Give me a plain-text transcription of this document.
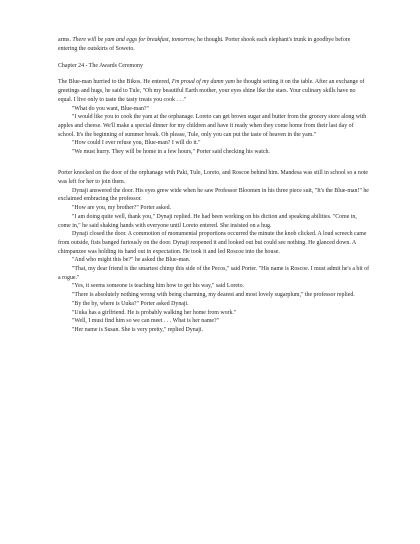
arms. There will be yam and eggs for breakfast, tomorrow, he thought. Porter shook each elephant's trunk in goodbye before entering the outskirts of Soweto.

Chapter 24 - The Awards Ceremony

The Blue-man hurried to the Bikos. He entered, I'm proud of my damn yam he thought setting it on the table. After an exchange of greetings and hugs, he said to Tule, "Oh my beautiful Earth mother, your eyes shine like the stars. Your culinary skills have no equal. I live only to taste the tasty treats you cook . . ."

"What do you want, Blue-man?"

"I would like you to cook the yam at the orphanage. Loreto can get brown sugar and butter from the grocery store along with apples and cheese. We'll make a special dinner for my children and have it ready when they come home from their last day of school. It's the beginning of summer break. Oh please, Tule, only you can put the taste of heaven in the yam."

"How could I ever refuse you, Blue-man? I will do it."

"We must hurry. They will be home in a few hours," Porter said checking his watch.

Porter knocked on the door of the orphanage with Paki, Tule, Loreto, and Roscoe behind him. Mandesa was still in school so a note was left for her to join them.

Dynaji answered the door. His eyes grew wide when he saw Professor Bloomen in his three piece suit, "It's the Blue-man!" he exclaimed embracing the professor.

"How are you, my brother?" Porter asked.

"I am doing quite well, thank you," Dynaji replied. He had been working on his diction and speaking abilities. "Come in, come in," he said shaking hands with everyone until Loreto entered. She insisted on a hug.

Dynaji closed the door. A commotion of monumental proportions occurred the minute the knob clicked. A loud screech came from outside, fists banged furiously on the door. Dynaji reopened it and looked out but could see nothing. He glanced down. A chimpanzee was holding its hand out in expectation. He took it and led Roscoe into the house.

"And who might this be?" he asked the Blue-man.

"That, my dear friend is the smartest chimp this side of the Pecos," said Porter. "His name is Roscoe. I must admit he's a bit of a rogue."

"Yes, it seems someone is teaching him how to get his way," said Loreto.

"There is absolutely nothing wrong with being charming, my dearest and most lovely sugarplum," the professor replied.

"By the by, where is Uuka?" Porter asked Dynaji.

"Uuka has a girlfriend. He is probably walking her home from work."

"Well, I must find him so we can meet . . . What is her name?"

"Her name is Susan. She is very pretty," replied Dynaji.
